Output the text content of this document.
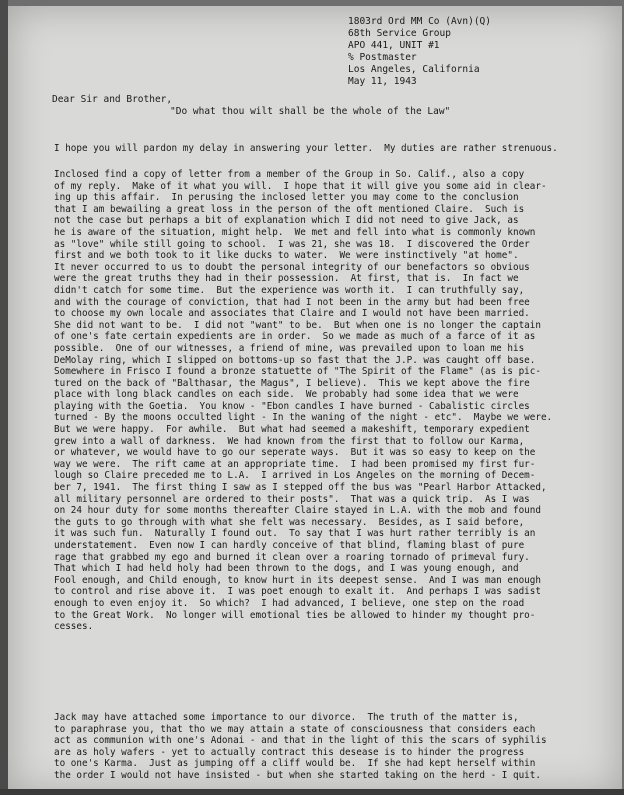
1803rd Ord MM Co (Avn)(Q)
68th Service Group
APO 441, UNIT #1
% Postmaster
Los Angeles, California
May 11, 1943
Dear Sir and Brother,
"Do what thou wilt shall be the whole of the Law"
I hope you will pardon my delay in answering your letter.  My duties are rather strenuous.
Inclosed find a copy of letter from a member of the Group in So. Calif., also a copy
of my reply.  Make of it what you will.  I hope that it will give you some aid in clear-
ing up this affair.  In perusing the inclosed letter you may come to the conclusion
that I am bewailing a great loss in the person of the oft mentioned Claire.  Such is
not the case but perhaps a bit of explanation which I did not need to give Jack, as
he is aware of the situation, might help.  We met and fell into what is commonly known
as "love" while still going to school.  I was 21, she was 18.  I discovered the Order
first and we both took to it like ducks to water.  We were instinctively "at home".
It never occurred to us to doubt the personal integrity of our benefactors so obvious
were the great truths they had in their possession.  At first, that is.  In fact we
didn't catch for some time.  But the experience was worth it.  I can truthfully say,
and with the courage of conviction, that had I not been in the army but had been free
to choose my own locale and associates that Claire and I would not have been married.
She did not want to be.  I did not "want" to be.  But when one is no longer the captain
of one's fate certain expedients are in order.  So we made as much of a farce of it as
possible.  One of our witnesses, a friend of mine, was prevailed upon to loan me his
DeMolay ring, which I slipped on bottoms-up so fast that the J.P. was caught off base.
Somewhere in Frisco I found a bronze statuette of "The Spirit of the Flame" (as is pic-
tured on the back of "Balthasar, the Magus", I believe).  This we kept above the fire
place with long black candles on each side.  We probably had some idea that we were
playing with the Goetia.  You know - "Ebon candles I have burned - Cabalistic circles
turned - By the moons occulted light - In the waning of the night - etc".  Maybe we were.
But we were happy.  For awhile.  But what had seemed a makeshift, temporary expedient
grew into a wall of darkness.  We had known from the first that to follow our Karma,
or whatever, we would have to go our seperate ways.  But it was so easy to keep on the
way we were.  The rift came at an appropriate time.  I had been promised my first fur-
lough so Claire preceded me to L.A.  I arrived in Los Angeles on the morning of Decem-
ber 7, 1941.  The first thing I saw as I stepped off the bus was "Pearl Harbor Attacked,
all military personnel are ordered to their posts".  That was a quick trip.  As I was
on 24 hour duty for some months thereafter Claire stayed in L.A. with the mob and found
the guts to go through with what she felt was necessary.  Besides, as I said before,
it was such fun.  Naturally I found out.  To say that I was hurt rather terribly is an
understatement.  Even now I can hardly conceive of that blind, flaming blast of pure
rage that grabbed my ego and burned it clean over a roaring tornado of primeval fury.
That which I had held holy had been thrown to the dogs, and I was young enough, and
Fool enough, and Child enough, to know hurt in its deepest sense.  And I was man enough
to control and rise above it.  I was poet enough to exalt it.  And perhaps I was sadist
enough to even enjoy it.  So which?  I had advanced, I believe, one step on the road
to the Great Work.  No longer will emotional ties be allowed to hinder my thought pro-
cesses.
Jack may have attached some importance to our divorce.  The truth of the matter is,
to paraphrase you, that tho we may attain a state of consciousness that considers each
act as communion with one's Adonai - and that in the light of this the scars of syphilis
are as holy wafers - yet to actually contract this desease is to hinder the progress
to one's Karma.  Just as jumping off a cliff would be.  If she had kept herself within
the order I would not have insisted - but when she started taking on the herd - I quit.
